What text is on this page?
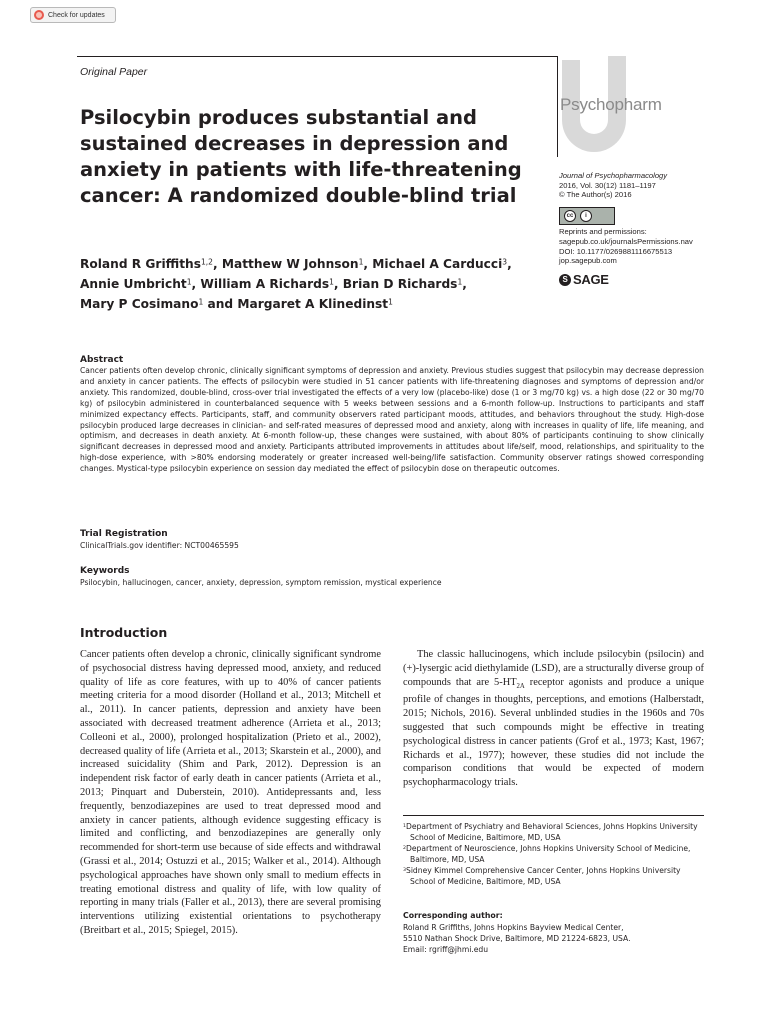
Check for updates
Original Paper
Psilocybin produces substantial and sustained decreases in depression and anxiety in patients with life-threatening cancer: A randomized double-blind trial
Roland R Griffiths$^{1,2}$, Matthew W Johnson$^1$, Michael A Carducci$^3$,
Annie Umbricht$^1$, William A Richards$^1$, Brian D Richards$^1$,
Mary P Cosimano$^1$ and Margaret A Klinedinst$^1$
Psychopharm
Journal of Psychopharmacology
2016, Vol. 30(12) 1181–1197
© The Author(s) 2016
cc	i
Reprints and permissions:
sagepub.co.uk/journalsPermissions.nav
DOI: 10.1177/0269881116675513
jop.sagepub.com
S SAGE
Abstract

Cancer patients often develop chronic, clinically significant symptoms of depression and anxiety. Previous studies suggest that psilocybin may decrease depression and anxiety in cancer patients. The effects of psilocybin were studied in 51 cancer patients with life-threatening diagnoses and symptoms of depression and/or anxiety. This randomized, double-blind, cross-over trial investigated the effects of a very low (placebo-like) dose (1 or 3 mg/70 kg) vs. a high dose (22 or 30 mg/70 kg) of psilocybin administered in counterbalanced sequence with 5 weeks between sessions and a 6-month follow-up. Instructions to participants and staff minimized expectancy effects. Participants, staff, and community observers rated participant moods, attitudes, and behaviors throughout the study. High-dose psilocybin produced large decreases in clinician- and self-rated measures of depressed mood and anxiety, along with increases in quality of life, life meaning, and optimism, and decreases in death anxiety. At 6-month follow-up, these changes were sustained, with about 80% of participants continuing to show clinically significant decreases in depressed mood and anxiety. Participants attributed improvements in attitudes about life/self, mood, relationships, and spirituality to the high-dose experience, with >80% endorsing moderately or greater increased well-being/life satisfaction. Community observer ratings showed corresponding changes. Mystical-type psilocybin experience on session day mediated the effect of psilocybin dose on therapeutic outcomes.

Trial Registration
ClinicalTrials.gov identifier: NCT00465595
Keywords
Psilocybin, hallucinogen, cancer, anxiety, depression, symptom remission, mystical experience
Introduction

Cancer patients often develop a chronic, clinically significant syndrome of psychosocial distress having depressed mood, anxiety, and reduced quality of life as core features, with up to 40% of cancer patients meeting criteria for a mood disorder (Holland et al., 2013; Mitchell et al., 2011). In cancer patients, depression and anxiety have been associated with decreased treatment adherence (Arrieta et al., 2013; Colleoni et al., 2000), prolonged hospitalization (Prieto et al., 2002), decreased quality of life (Arrieta et al., 2013; Skarstein et al., 2000), and increased suicidality (Shim and Park, 2012). Depression is an independent risk factor of early death in cancer patients (Arrieta et al., 2013; Pinquart and Duberstein, 2010). Antidepressants and, less frequently, benzodiazepines are used to treat depressed mood and anxiety in cancer patients, although evidence suggesting efficacy is limited and conflicting, and benzodiazepines are generally only recommended for short-term use because of side effects and withdrawal (Grassi et al., 2014; Ostuzzi et al., 2015; Walker et al., 2014). Although psychological approaches have shown only small to medium effects in treating emotional distress and quality of life, with low quality of reporting in many trials (Faller et al., 2013), there are several promising interventions utilizing existential orientations to psychotherapy (Breitbart et al., 2015; Spiegel, 2015).

The classic hallucinogens, which include psilocybin (psilocin) and (+)-lysergic acid diethylamide (LSD), are a structurally diverse group of compounds that are $5-HT_{2A}$ receptor agonists and produce a unique profile of changes in thoughts, perceptions, and emotions (Halberstadt, 2015; Nichols, 2016). Several unblinded studies in the 1960s and 70s suggested that such compounds might be effective in treating psychological distress in cancer patients (Grof et al., 1973; Kast, 1967; Richards et al., 1977); however, these studies did not include the comparison conditions that would be expected of modern psychopharmacology trials.

$^1$Department of Psychiatry and Behavioral Sciences, Johns Hopkins University School of Medicine, Baltimore, MD, USA

$^2$Department of Neuroscience, Johns Hopkins University School of Medicine, Baltimore, MD, USA

$^3$Sidney Kimmel Comprehensive Cancer Center, Johns Hopkins University School of Medicine, Baltimore, MD, USA

Corresponding author:

Roland R Griffiths, Johns Hopkins Bayview Medical Center,

5510 Nathan Shock Drive, Baltimore, MD 21224-6823, USA.

Email: rgriff@jhmi.edu
